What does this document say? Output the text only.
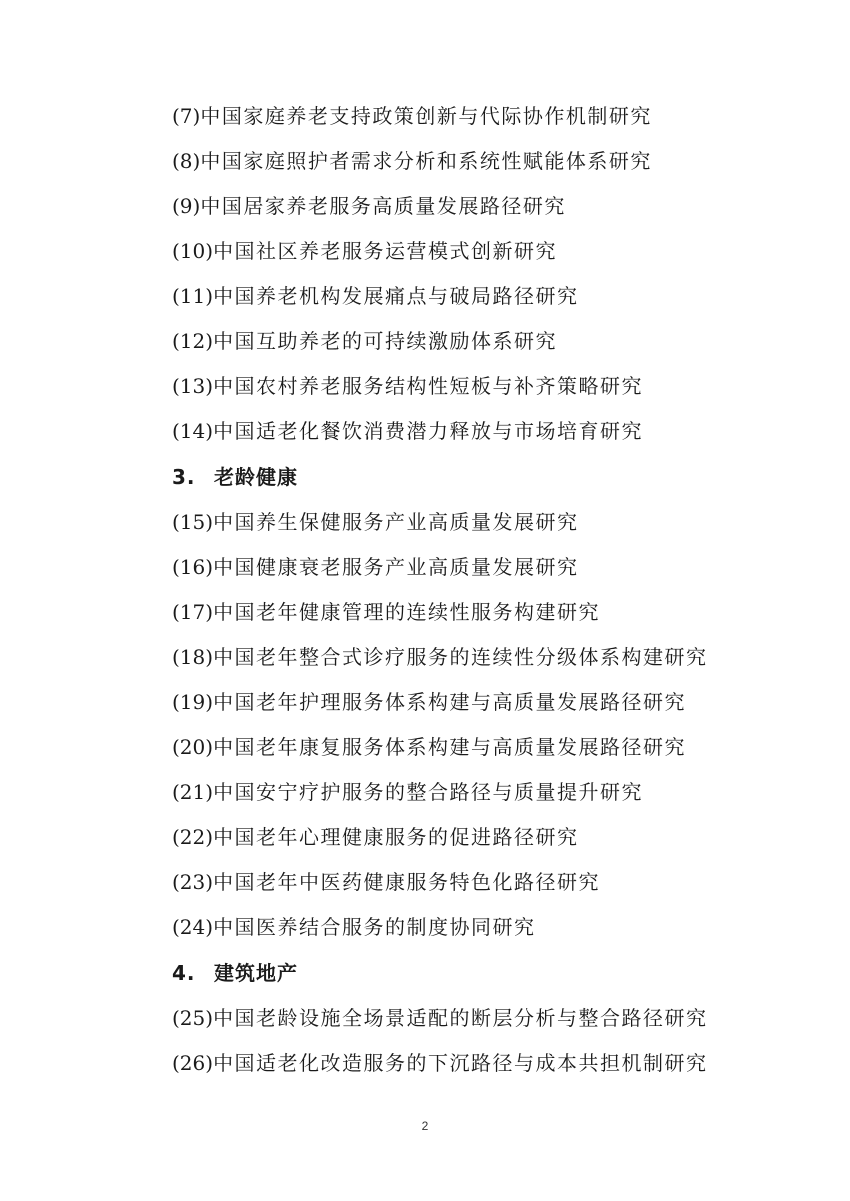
(7)中国家庭养老支持政策创新与代际协作机制研究
(8)中国家庭照护者需求分析和系统性赋能体系研究
(9)中国居家养老服务高质量发展路径研究
(10)中国社区养老服务运营模式创新研究
(11)中国养老机构发展痛点与破局路径研究
(12)中国互助养老的可持续激励体系研究
(13)中国农村养老服务结构性短板与补齐策略研究
(14)中国适老化餐饮消费潜力释放与市场培育研究
3. 老龄健康
(15)中国养生保健服务产业高质量发展研究
(16)中国健康衰老服务产业高质量发展研究
(17)中国老年健康管理的连续性服务构建研究
(18)中国老年整合式诊疗服务的连续性分级体系构建研究
(19)中国老年护理服务体系构建与高质量发展路径研究
(20)中国老年康复服务体系构建与高质量发展路径研究
(21)中国安宁疗护服务的整合路径与质量提升研究
(22)中国老年心理健康服务的促进路径研究
(23)中国老年中医药健康服务特色化路径研究
(24)中国医养结合服务的制度协同研究
4. 建筑地产
(25)中国老龄设施全场景适配的断层分析与整合路径研究
(26)中国适老化改造服务的下沉路径与成本共担机制研究
2
